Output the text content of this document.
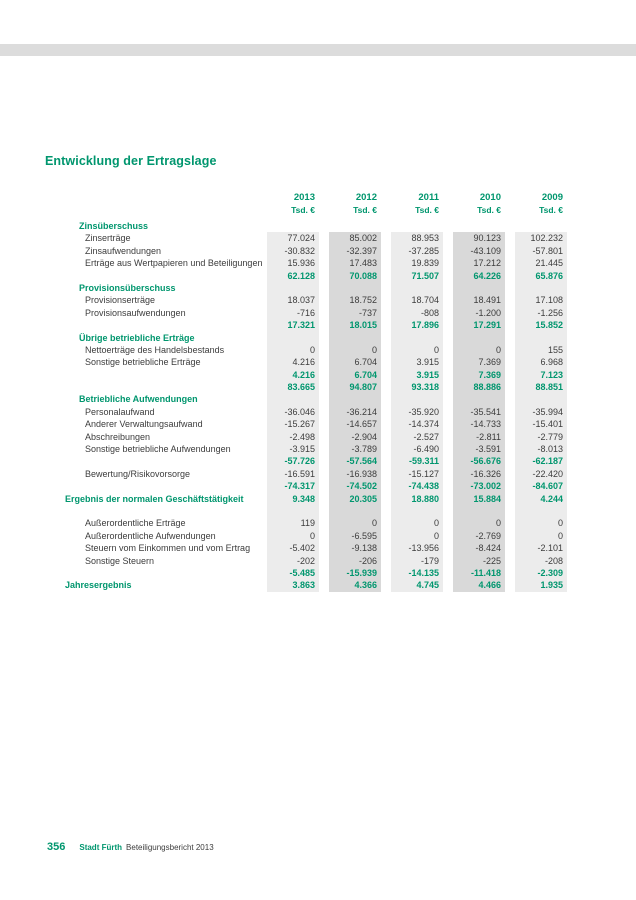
Entwicklung der Ertragslage
2013	2012	2011	2010	2009
Tsd. €	Tsd. €	Tsd. €	Tsd. €	Tsd. €
Zinsüberschuss
Zinserträge	77.024	85.002	88.953	90.123	102.232
Zinsaufwendungen	-30.832	-32.397	-37.285	-43.109	-57.801
Erträge aus Wertpapieren und Beteiligungen	15.936	17.483	19.839	17.212	21.445
62.128	70.088	71.507	64.226	65.876
Provisionsüberschuss
Provisionserträge	18.037	18.752	18.704	18.491	17.108
Provisionsaufwendungen	-716	-737	-808	-1.200	-1.256
17.321	18.015	17.896	17.291	15.852
Übrige betriebliche Erträge
Nettoerträge des Handelsbestands	0	0	0	0	155
Sonstige betriebliche Erträge	4.216	6.704	3.915	7.369	6.968
4.216	6.704	3.915	7.369	7.123
83.665	94.807	93.318	88.886	88.851
Betriebliche Aufwendungen
Personalaufwand	-36.046	-36.214	-35.920	-35.541	-35.994
Anderer Verwaltungsaufwand	-15.267	-14.657	-14.374	-14.733	-15.401
Abschreibungen	-2.498	-2.904	-2.527	-2.811	-2.779
Sonstige betriebliche Aufwendungen	-3.915	-3.789	-6.490	-3.591	-8.013
-57.726	-57.564	-59.311	-56.676	-62.187
Bewertung/Risikovorsorge	-16.591	-16.938	-15.127	-16.326	-22.420
-74.317	-74.502	-74.438	-73.002	-84.607
Ergebnis der normalen Geschäftstätigkeit	9.348	20.305	18.880	15.884	4.244
Außerordentliche Erträge	119	0	0	0	0
Außerordentliche Aufwendungen	0	-6.595	0	-2.769	0
Steuern vom Einkommen und vom Ertrag	-5.402	-9.138	-13.956	-8.424	-2.101
Sonstige Steuern	-202	-206	-179	-225	-208
-5.485	-15.939	-14.135	-11.418	-2.309
Jahresergebnis	3.863	4.366	4.745	4.466	1.935
356 Stadt Fürth Beteiligungsbericht 2013
